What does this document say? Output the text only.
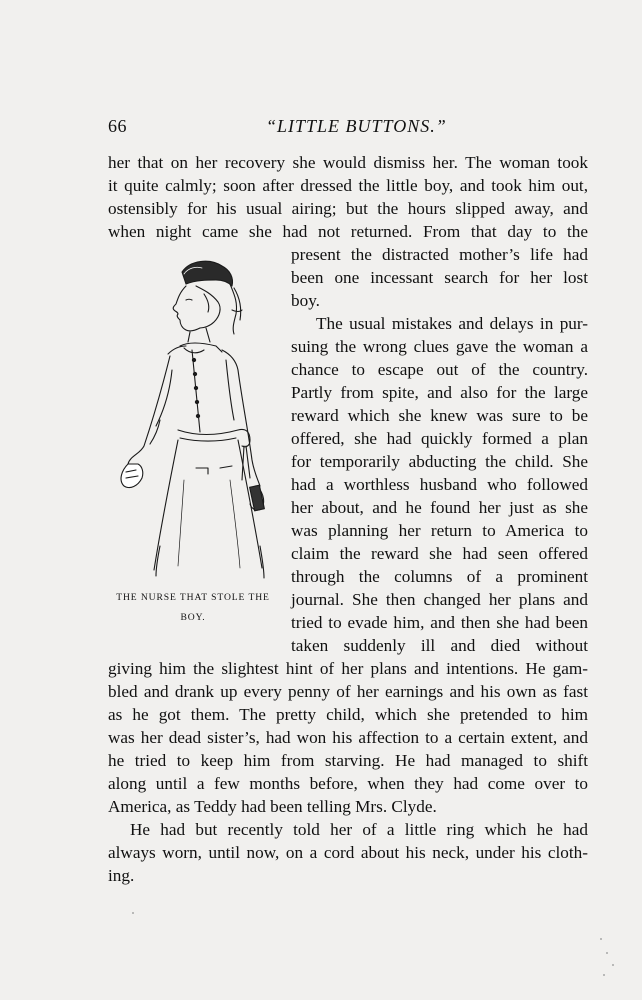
66	“LITTLE BUTTONS.”
her that on her recovery she would dismiss her. The woman took
it quite calmly; soon after dressed the little boy, and took him out,
ostensibly for his usual airing; but the hours slipped away, and
when night came she had not returned. From that day to the
present the distracted mother’s life had
been one incessant search for her lost
boy.
The usual mistakes and delays in pur-
suing the wrong clues gave the woman a
chance to escape out of the country.
Partly from spite, and also for the large
reward which she knew was sure to be
offered, she had quickly formed a plan
for temporarily abducting the child. She
had a worthless husband who followed
her about, and he found her just as she
was planning her return to America to
claim the reward she had seen offered
through the columns of a prominent
journal. She then changed her plans and
tried to evade him, and then she had been
taken suddenly ill and died without
giving him the slightest hint of her plans and intentions. He gam-
bled and drank up every penny of her earnings and his own as fast
as he got them. The pretty child, which she pretended to him
was her dead sister’s, had won his affection to a certain extent, and
he tried to keep him from starving. He had managed to shift
along until a few months before, when they had come over to
America, as Teddy had been telling Mrs. Clyde.
He had but recently told her of a little ring which he had
always worn, until now, on a cord about his neck, under his cloth-
ing.
THE NURSE THAT STOLE THE BOY.
